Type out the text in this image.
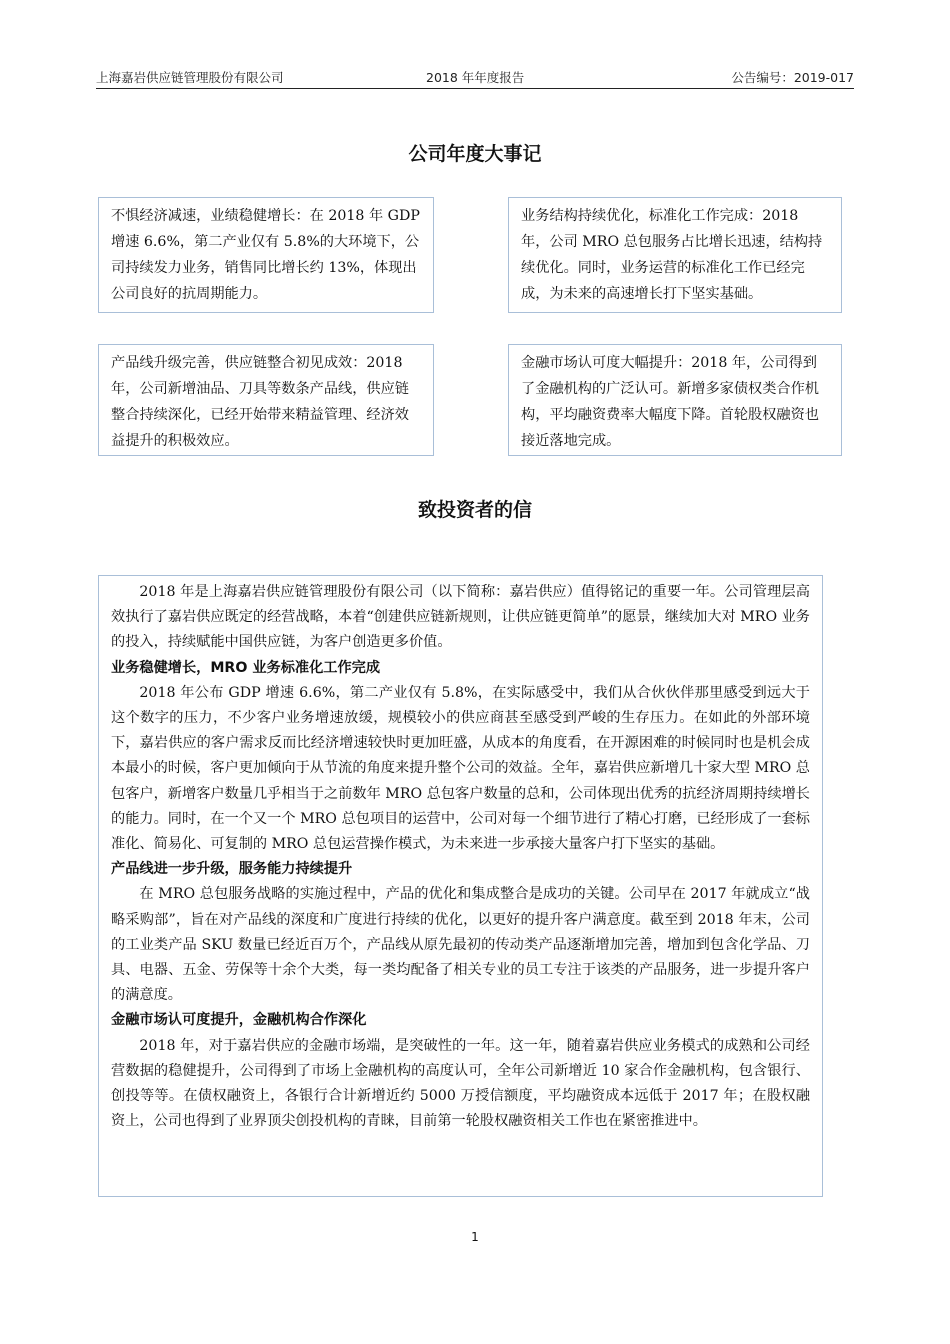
上海嘉岩供应链管理股份有限公司	2018 年年度报告	公告编号：2019-017
公司年度大事记
不惧经济减速，业绩稳健增长：在 2018 年 GDP 增速 6.6%，第二产业仅有 5.8%的大环境下，公司持续发力业务，销售同比增长约 13%，体现出公司良好的抗周期能力。
业务结构持续优化，标准化工作完成：2018 年，公司 MRO 总包服务占比增长迅速，结构持续优化。同时，业务运营的标准化工作已经完成，为未来的高速增长打下坚实基础。
产品线升级完善，供应链整合初见成效：2018 年，公司新增油品、刀具等数条产品线，供应链整合持续深化，已经开始带来精益管理、经济效益提升的积极效应。
金融市场认可度大幅提升：2018 年，公司得到了金融机构的广泛认可。新增多家债权类合作机构，平均融资费率大幅度下降。首轮股权融资也接近落地完成。
致投资者的信

2018 年是上海嘉岩供应链管理股份有限公司（以下简称：嘉岩供应）值得铭记的重要一年。公司管理层高效执行了嘉岩供应既定的经营战略，本着“创建供应链新规则，让供应链更简单”的愿景，继续加大对 MRO 业务的投入，持续赋能中国供应链，为客户创造更多价值。

业务稳健增长，MRO 业务标准化工作完成

2018 年公布 GDP 增速 6.6%，第二产业仅有 5.8%，在实际感受中，我们从合伙伙伴那里感受到远大于这个数字的压力，不少客户业务增速放缓，规模较小的供应商甚至感受到严峻的生存压力。在如此的外部环境下，嘉岩供应的客户需求反而比经济增速较快时更加旺盛，从成本的角度看，在开源困难的时候同时也是机会成本最小的时候，客户更加倾向于从节流的角度来提升整个公司的效益。全年，嘉岩供应新增几十家大型 MRO 总包客户，新增客户数量几乎相当于之前数年 MRO 总包客户数量的总和，公司体现出优秀的抗经济周期持续增长的能力。同时，在一个又一个 MRO 总包项目的运营中，公司对每一个细节进行了精心打磨，已经形成了一套标准化、简易化、可复制的 MRO 总包运营操作模式，为未来进一步承接大量客户打下坚实的基础。

产品线进一步升级，服务能力持续提升

在 MRO 总包服务战略的实施过程中，产品的优化和集成整合是成功的关键。公司早在 2017 年就成立“战略采购部”，旨在对产品线的深度和广度进行持续的优化，以更好的提升客户满意度。截至到 2018 年末，公司的工业类产品 SKU 数量已经近百万个，产品线从原先最初的传动类产品逐渐增加完善，增加到包含化学品、刀具、电器、五金、劳保等十余个大类，每一类均配备了相关专业的员工专注于该类的产品服务，进一步提升客户的满意度。

金融市场认可度提升，金融机构合作深化

2018 年，对于嘉岩供应的金融市场端，是突破性的一年。这一年，随着嘉岩供应业务模式的成熟和公司经营数据的稳健提升，公司得到了市场上金融机构的高度认可，全年公司新增近 10 家合作金融机构，包含银行、创投等等。在债权融资上，各银行合计新增近约 5000 万授信额度，平均融资成本远低于 2017 年；在股权融资上，公司也得到了业界顶尖创投机构的青睐，目前第一轮股权融资相关工作也在紧密推进中。

1
